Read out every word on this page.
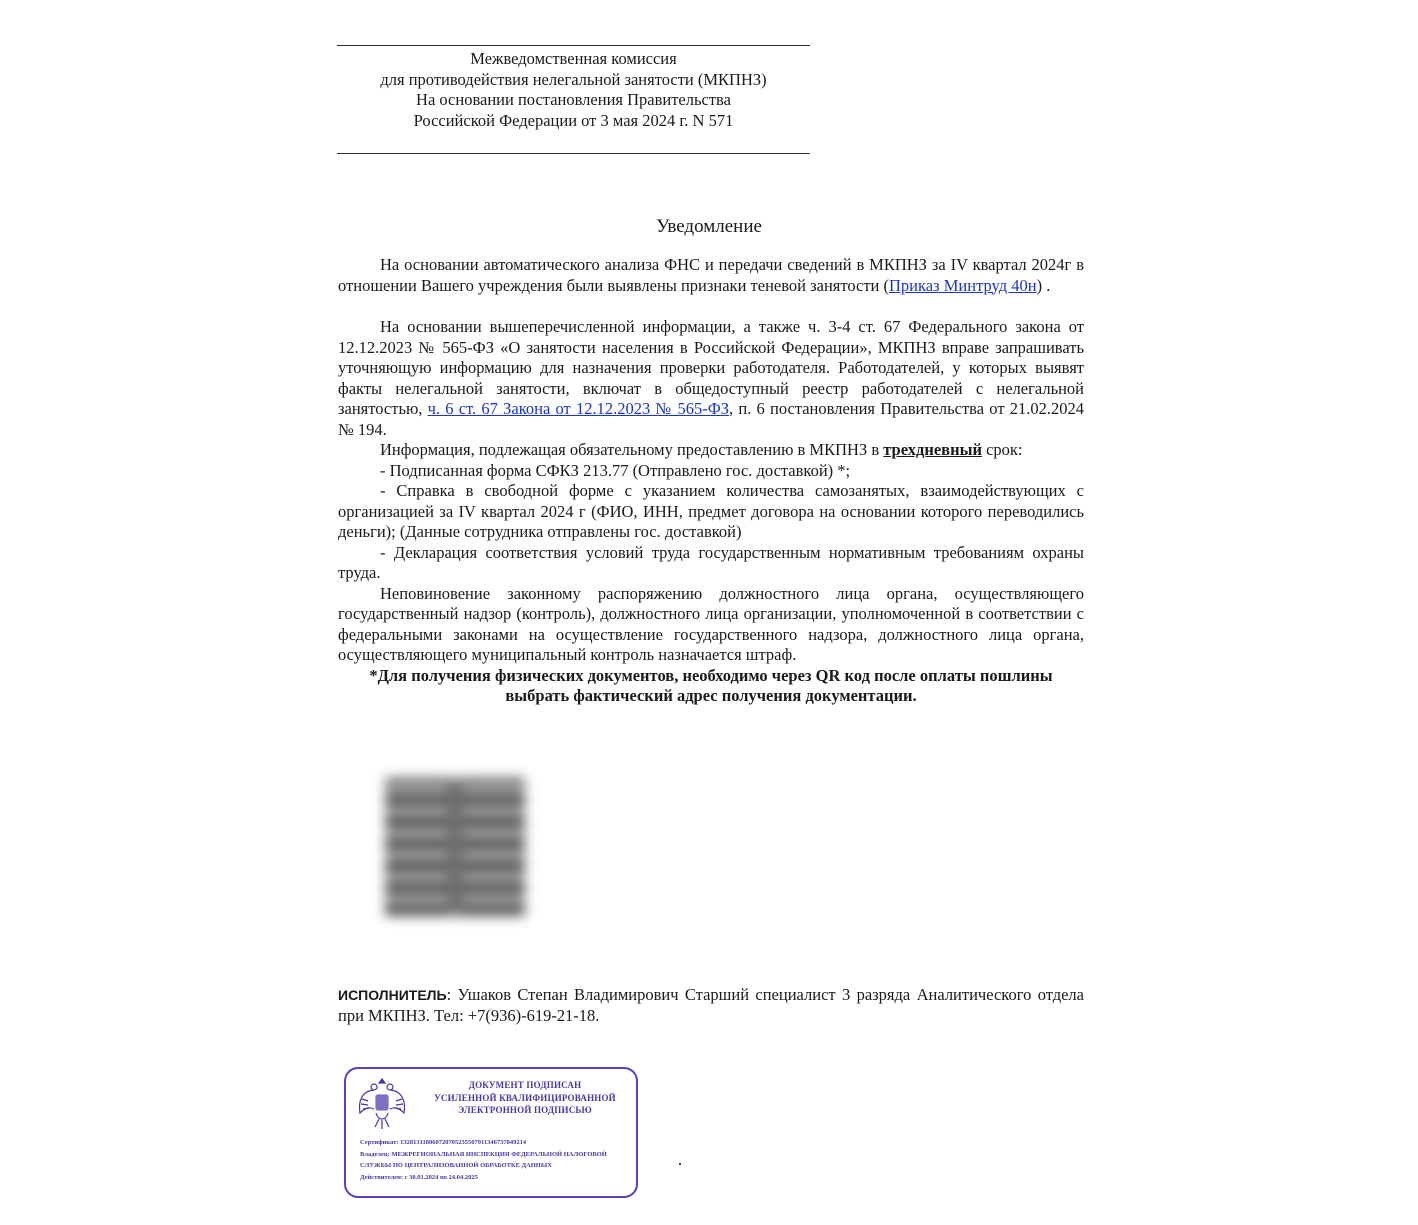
Межведомственная комиссия
для противодействия нелегальной занятости (МКПНЗ)
На основании постановления Правительства
Российской Федерации от 3 мая 2024 г. N 571
Уведомление

На основании автоматического анализа ФНС и передачи сведений в МКПНЗ за IV квартал 2024г в отношении Вашего учреждения были выявлены признаки теневой занятости (Приказ Минтруд 40н) .

На основании вышеперечисленной информации, а также ч. 3-4 ст. 67 Федерального закона от 12.12.2023 № 565-ФЗ «О занятости населения в Российской Федерации», МКПНЗ вправе запрашивать уточняющую информацию для назначения проверки работодателя. Работодателей, у которых выявят факты нелегальной занятости, включат в общедоступный реестр работодателей с нелегальной занятостью, ч. 6 ст. 67 Закона от 12.12.2023 № 565-ФЗ, п. 6 постановления Правительства от 21.02.2024 № 194.

Информация, подлежащая обязательному предоставлению в МКПНЗ в трехдневный срок:

- Подписанная форма СФКЗ 213.77 (Отправлено гос. доставкой) *;

- Справка в свободной форме с указанием количества самозанятых, взаимодействующих с организацией за IV квартал 2024 г (ФИО, ИНН, предмет договора на основании которого переводились деньги); (Данные сотрудника отправлены гос. доставкой)

- Декларация соответствия условий труда государственным нормативным требованиям охраны труда.

Неповиновение законному распоряжению должностного лица органа, осуществляющего государственный надзор (контроль), должностного лица организации, уполномоченной в соответствии с федеральными законами на осуществление государственного надзора, должностного лица органа, осуществляющего муниципальный контроль назначается штраф.

*Для получения физических документов, необходимо через QR код после оплаты пошлины выбрать фактический адрес получения документации.

ИСПОЛНИТЕЛЬ: Ушаков Степан Владимирович Старший специалист 3 разряда Аналитического отдела при МКПНЗ. Тел: +7(936)-619-21-18.
ДОКУМЕНТ ПОДПИСАН
УСИЛЕННОЙ КВАЛИФИЦИРОВАННОЙ
ЭЛЕКТРОННОЙ ПОДПИСЬЮ
Сертификат: 132813118060720705235507911346737849214
Владелец: МЕЖРЕГИОНАЛЬНАЯ ИНСПЕКЦИЯ ФЕДЕРАЛЬНОЙ НАЛОГОВОЙ СЛУЖБЫ ПО ЦЕНТРАЛИЗОВАННОЙ ОБРАБОТКЕ ДАННЫХ
Действителен: с 30.01.2024 по 24.04.2025
